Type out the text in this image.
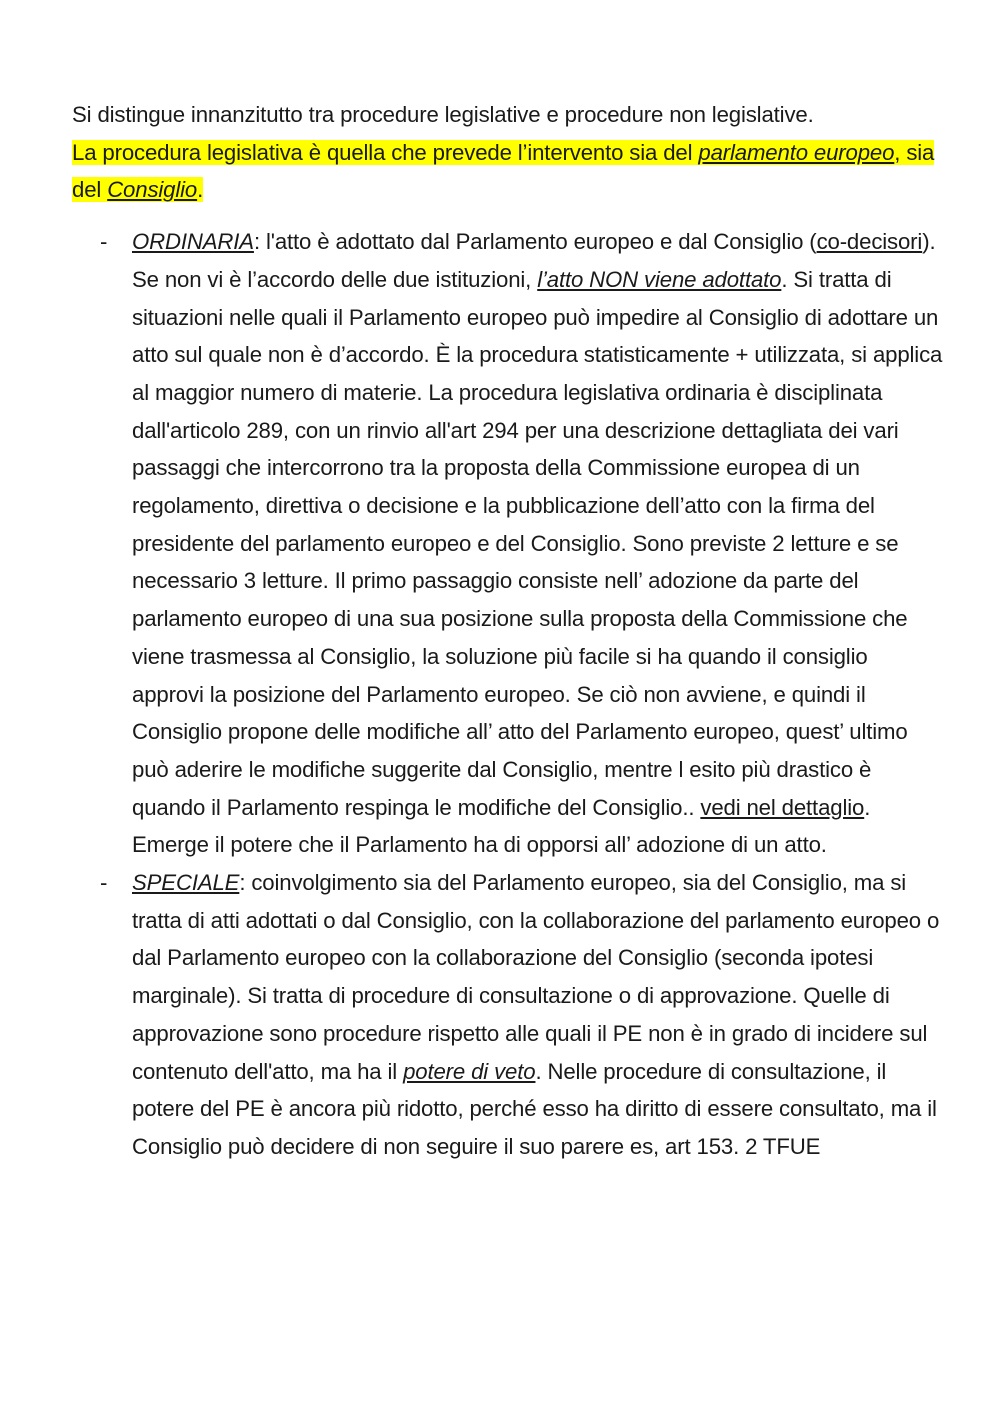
Si distingue innanzitutto tra procedure legislative e procedure non legislative.
La procedura legislativa è quella che prevede l’intervento sia del parlamento europeo, sia del Consiglio.

- ORDINARIA: l'atto è adottato dal Parlamento europeo e dal Consiglio (co-decisori). Se non vi è l’accordo delle due istituzioni, l’atto NON viene adottato. Si tratta di situazioni nelle quali il Parlamento europeo può impedire al Consiglio di adottare un atto sul quale non è d’accordo. È la procedura statisticamente + utilizzata, si applica al maggior numero di materie. La procedura legislativa ordinaria è disciplinata dall'articolo 289, con un rinvio all'art 294 per una descrizione dettagliata dei vari passaggi che intercorrono tra la proposta della Commissione europea di un regolamento, direttiva o decisione e la pubblicazione dell’atto con la firma del presidente del parlamento europeo e del Consiglio. Sono previste 2 letture e se necessario 3 letture. Il primo passaggio consiste nell’ adozione da parte del parlamento europeo di una sua posizione sulla proposta della Commissione che viene trasmessa al Consiglio, la soluzione più facile si ha quando il consiglio approvi la posizione del Parlamento europeo. Se ciò non avviene, e quindi il Consiglio propone delle modifiche all’ atto del Parlamento europeo, quest’ ultimo può aderire le modifiche suggerite dal Consiglio, mentre l esito più drastico è quando il Parlamento respinga le modifiche del Consiglio.. vedi nel dettaglio.
Emerge il potere che il Parlamento ha di opporsi all’ adozione di un atto.
- SPECIALE: coinvolgimento sia del Parlamento europeo, sia del Consiglio, ma si tratta di atti adottati o dal Consiglio, con la collaborazione del parlamento europeo o dal Parlamento europeo con la collaborazione del Consiglio (seconda ipotesi marginale). Si tratta di procedure di consultazione o di approvazione. Quelle di approvazione sono procedure rispetto alle quali il PE non è in grado di incidere sul contenuto dell'atto, ma ha il potere di veto. Nelle procedure di consultazione, il potere del PE è ancora più ridotto, perché esso ha diritto di essere consultato, ma il Consiglio può decidere di non seguire il suo parere es, art 153. 2 TFUE
